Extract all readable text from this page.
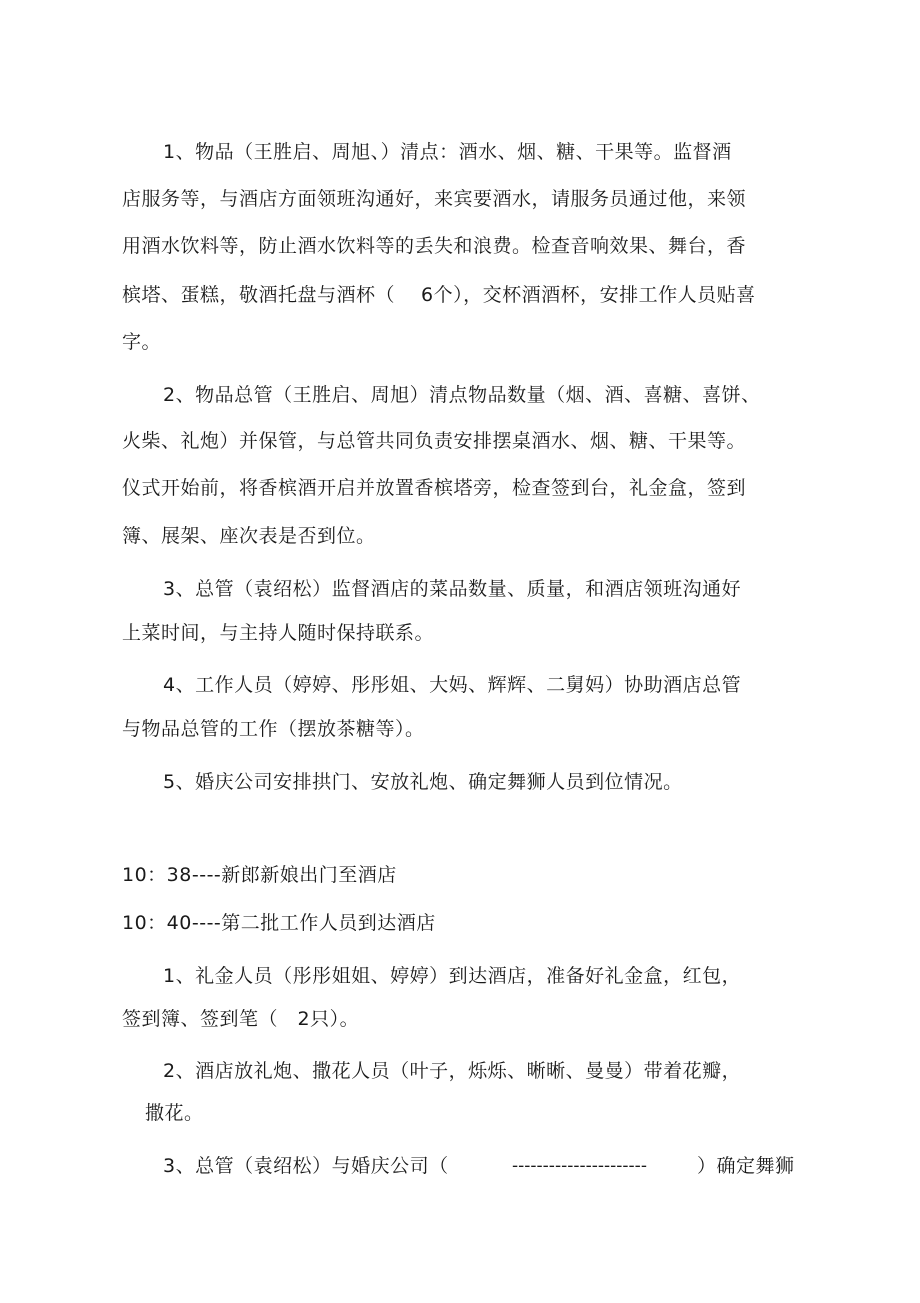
1、物品（王胜启、周旭、）清点：酒水、烟、糖、干果等。监督酒
店服务等，与酒店方面领班沟通好，来宾要酒水，请服务员通过他，来领
用酒水饮料等，防止酒水饮料等的丢失和浪费。检查音响效果、舞台，香
槟塔、蛋糕，敬酒托盘与酒杯（　 6个），交杯酒酒杯，安排工作人员贴喜
字。
2、物品总管（王胜启、周旭）清点物品数量（烟、酒、喜糖、喜饼、
火柴、礼炮）并保管，与总管共同负责安排摆桌酒水、烟、糖、干果等。
仪式开始前，将香槟酒开启并放置香槟塔旁，检查签到台，礼金盒，签到
簿、展架、座次表是否到位。
3、总管（袁绍松）监督酒店的菜品数量、质量，和酒店领班沟通好
上菜时间，与主持人随时保持联系。
4、工作人员（婷婷、彤彤姐、大妈、辉辉、二舅妈）协助酒店总管
与物品总管的工作（摆放茶糖等）。
5、婚庆公司安排拱门、安放礼炮、确定舞狮人员到位情况。
10：38----新郎新娘出门至酒店
10：40----第二批工作人员到达酒店
1、礼金人员（彤彤姐姐、婷婷）到达酒店，准备好礼金盒，红包，
签到簿、签到笔（　2只）。
2、酒店放礼炮、撒花人员（叶子，烁烁、晰晰、曼曼）带着花瓣，
撒花。
3、总管（袁绍松）与婚庆公司（	----------------------	）确定舞狮
